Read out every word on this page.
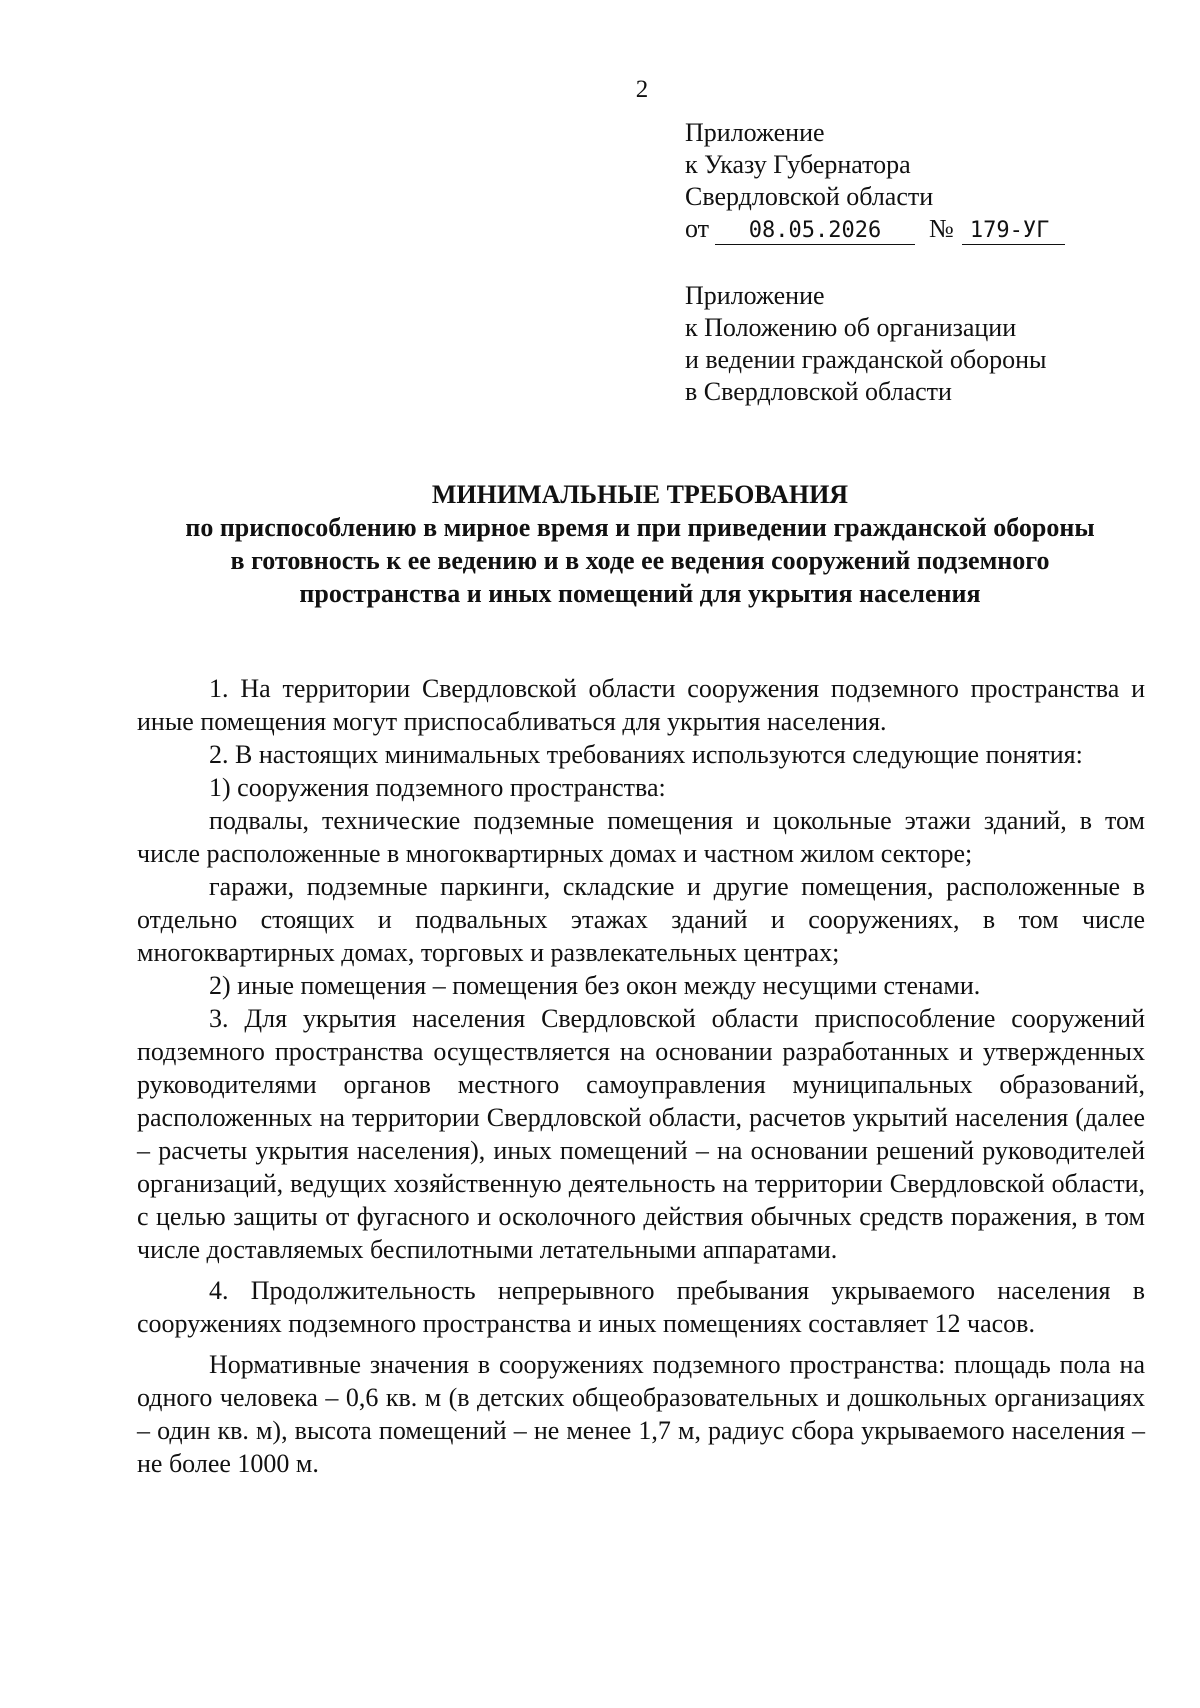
2
Приложение
к Указу Губернатора
Свердловской области
от 08.05.2026 № 179-УГ
Приложение
к Положению об организации
и ведении гражданской обороны
в Свердловской области
МИНИМАЛЬНЫЕ ТРЕБОВАНИЯ
по приспособлению в мирное время и при приведении гражданской обороны
в готовность к ее ведению и в ходе ее ведения сооружений подземного
пространства и иных помещений для укрытия населения

1. На территории Свердловской области сооружения подземного пространства и иные помещения могут приспосабливаться для укрытия населения.

2. В настоящих минимальных требованиях используются следующие понятия:

1) сооружения подземного пространства:

подвалы, технические подземные помещения и цокольные этажи зданий, в том числе расположенные в многоквартирных домах и частном жилом секторе;

гаражи, подземные паркинги, складские и другие помещения, расположенные в отдельно стоящих и подвальных этажах зданий и сооружениях, в том числе многоквартирных домах, торговых и развлекательных центрах;

2) иные помещения – помещения без окон между несущими стенами.

3. Для укрытия населения Свердловской области приспособление сооружений подземного пространства осуществляется на основании разработанных и утвержденных руководителями органов местного самоуправления муниципальных образований, расположенных на территории Свердловской области, расчетов укрытий населения (далее – расчеты укрытия населения), иных помещений – на основании решений руководителей организаций, ведущих хозяйственную деятельность на территории Свердловской области, с целью защиты от фугасного и осколочного действия обычных средств поражения, в том числе доставляемых беспилотными летательными аппаратами.

4. Продолжительность непрерывного пребывания укрываемого населения в сооружениях подземного пространства и иных помещениях составляет 12 часов.

Нормативные значения в сооружениях подземного пространства: площадь пола на одного человека – 0,6 кв. м (в детских общеобразовательных и дошкольных организациях – один кв. м), высота помещений – не менее 1,7 м, радиус сбора укрываемого населения – не более 1000 м.
